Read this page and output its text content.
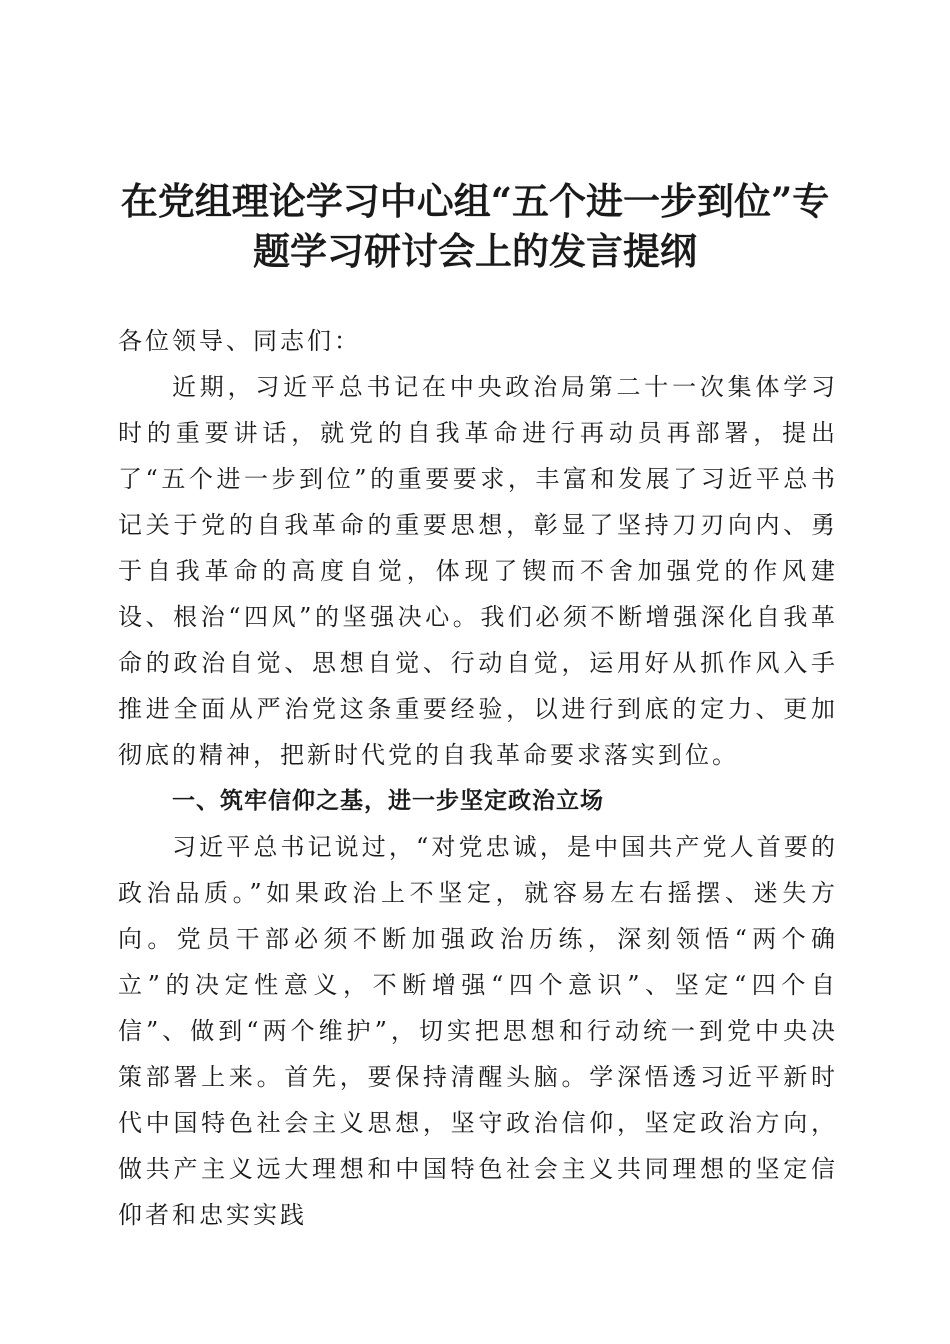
在党组理论学习中心组“五个进一步到位”专
题学习研讨会上的发言提纲

各位领导、同志们：

近期，习近平总书记在中央政治局第二十一次集体学习时的重要讲话，就党的自我革命进行再动员再部署，提出了“五个进一步到位”的重要要求，丰富和发展了习近平总书记关于党的自我革命的重要思想，彰显了坚持刀刃向内、勇于自我革命的高度自觉，体现了锲而不舍加强党的作风建设、根治“四风”的坚强决心。我们必须不断增强深化自我革命的政治自觉、思想自觉、行动自觉，运用好从抓作风入手推进全面从严治党这条重要经验，以进行到底的定力、更加彻底的精神，把新时代党的自我革命要求落实到位。

一、筑牢信仰之基，进一步坚定政治立场

习近平总书记说过，“对党忠诚，是中国共产党人首要的政治品质。”如果政治上不坚定，就容易左右摇摆、迷失方向。党员干部必须不断加强政治历练，深刻领悟“两个确立”的决定性意义，不断增强“四个意识”、坚定“四个自信”、做到“两个维护”，切实把思想和行动统一到党中央决策部署上来。首先，要保持清醒头脑。学深悟透习近平新时代中国特色社会主义思想，坚守政治信仰，坚定政治方向，做共产主义远大理想和中国特色社会主义共同理想的坚定信仰者和忠实实践
